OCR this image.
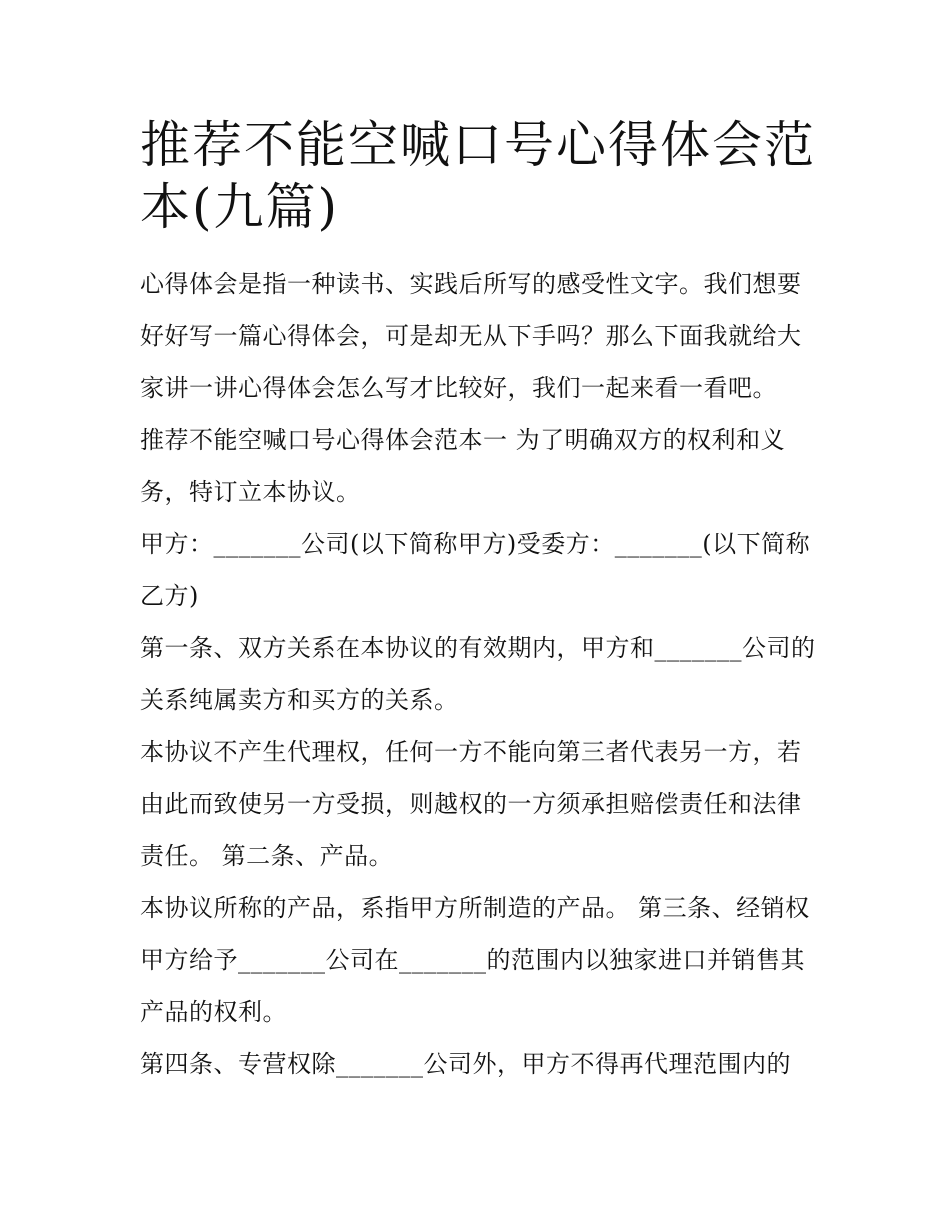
推荐不能空喊口号心得体会范本(九篇)

心得体会是指一种读书、实践后所写的感受性文字。我们想要好好写一篇心得体会，可是却无从下手吗？那么下面我就给大家讲一讲心得体会怎么写才比较好，我们一起来看一看吧。

推荐不能空喊口号心得体会范本一 为了明确双方的权利和义务，特订立本协议。

甲方：_______公司(以下简称甲方)受委方：_______(以下简称乙方)

第一条、双方关系在本协议的有效期内，甲方和_______公司的关系纯属卖方和买方的关系。

本协议不产生代理权，任何一方不能向第三者代表另一方，若由此而致使另一方受损，则越权的一方须承担赔偿责任和法律责任。 第二条、产品。

本协议所称的产品，系指甲方所制造的产品。 第三条、经销权甲方给予_______公司在_______的范围内以独家进口并销售其产品的权利。

第四条、专营权除_______公司外，甲方不得再代理范围内的
